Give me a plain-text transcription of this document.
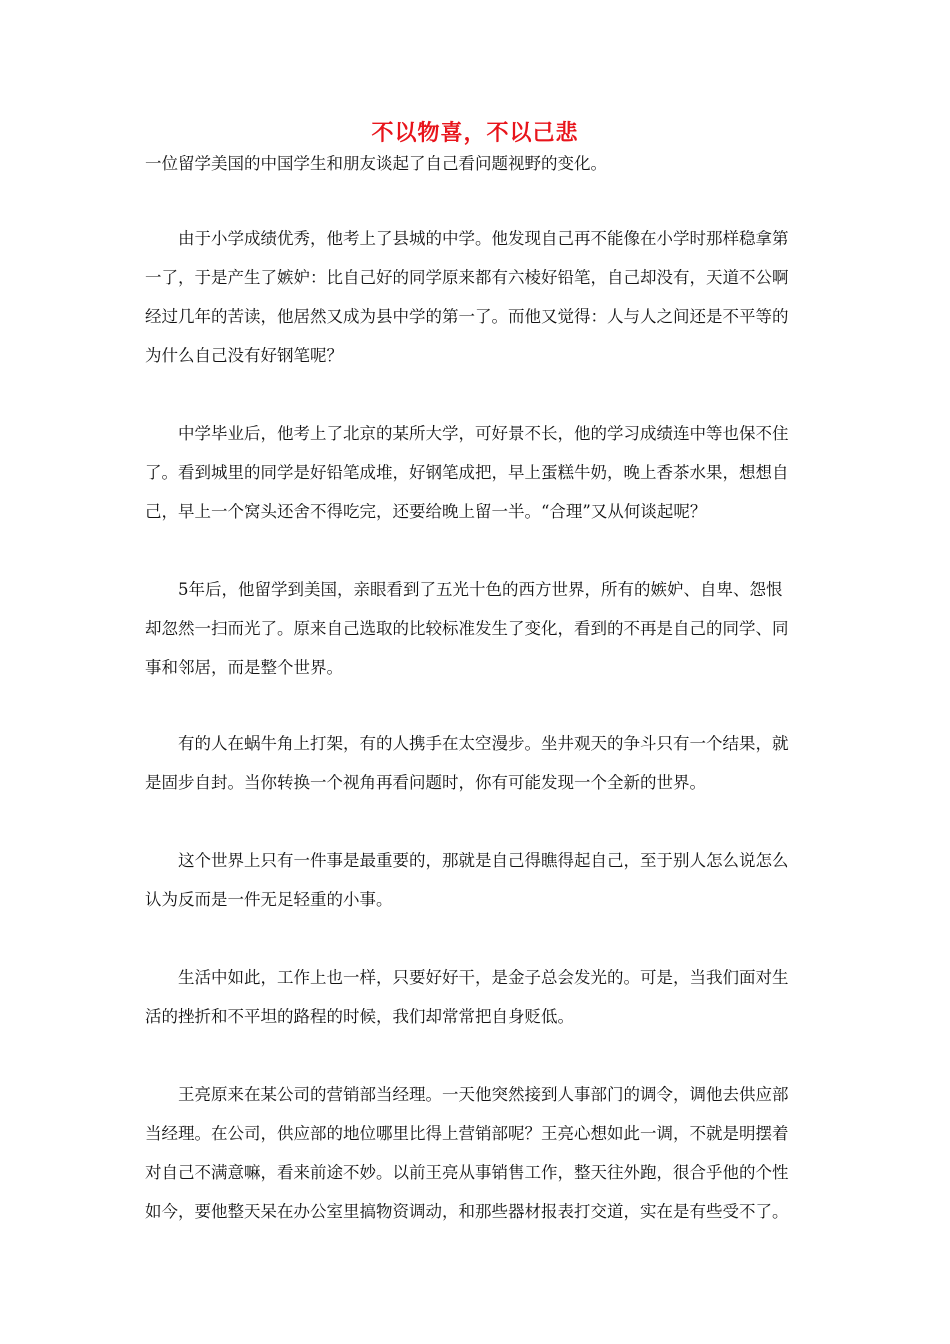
不以物喜，不以己悲
一位留学美国的中国学生和朋友谈起了自己看问题视野的变化。
由于小学成绩优秀，他考上了县城的中学。他发现自己再不能像在小学时那样稳拿第
一了，于是产生了嫉妒：比自己好的同学原来都有六棱好铅笔，自己却没有，天道不公啊
经过几年的苦读，他居然又成为县中学的第一了。而他又觉得：人与人之间还是不平等的
为什么自己没有好钢笔呢？
中学毕业后，他考上了北京的某所大学，可好景不长，他的学习成绩连中等也保不住
了。看到城里的同学是好铅笔成堆，好钢笔成把，早上蛋糕牛奶，晚上香茶水果，想想自
己，早上一个窝头还舍不得吃完，还要给晚上留一半。“合理”又从何谈起呢？
5年后，他留学到美国，亲眼看到了五光十色的西方世界，所有的嫉妒、自卑、怨恨
却忽然一扫而光了。原来自己选取的比较标准发生了变化，看到的不再是自己的同学、同
事和邻居，而是整个世界。
有的人在蜗牛角上打架，有的人携手在太空漫步。坐井观天的争斗只有一个结果，就
是固步自封。当你转换一个视角再看问题时，你有可能发现一个全新的世界。
这个世界上只有一件事是最重要的，那就是自己得瞧得起自己，至于别人怎么说怎么
认为反而是一件无足轻重的小事。
生活中如此，工作上也一样，只要好好干，是金子总会发光的。可是，当我们面对生
活的挫折和不平坦的路程的时候，我们却常常把自身贬低。
王亮原来在某公司的营销部当经理。一天他突然接到人事部门的调令，调他去供应部
当经理。在公司，供应部的地位哪里比得上营销部呢？王亮心想如此一调，不就是明摆着
对自己不满意嘛，看来前途不妙。以前王亮从事销售工作，整天往外跑，很合乎他的个性
如今，要他整天呆在办公室里搞物资调动，和那些器材报表打交道，实在是有些受不了。
